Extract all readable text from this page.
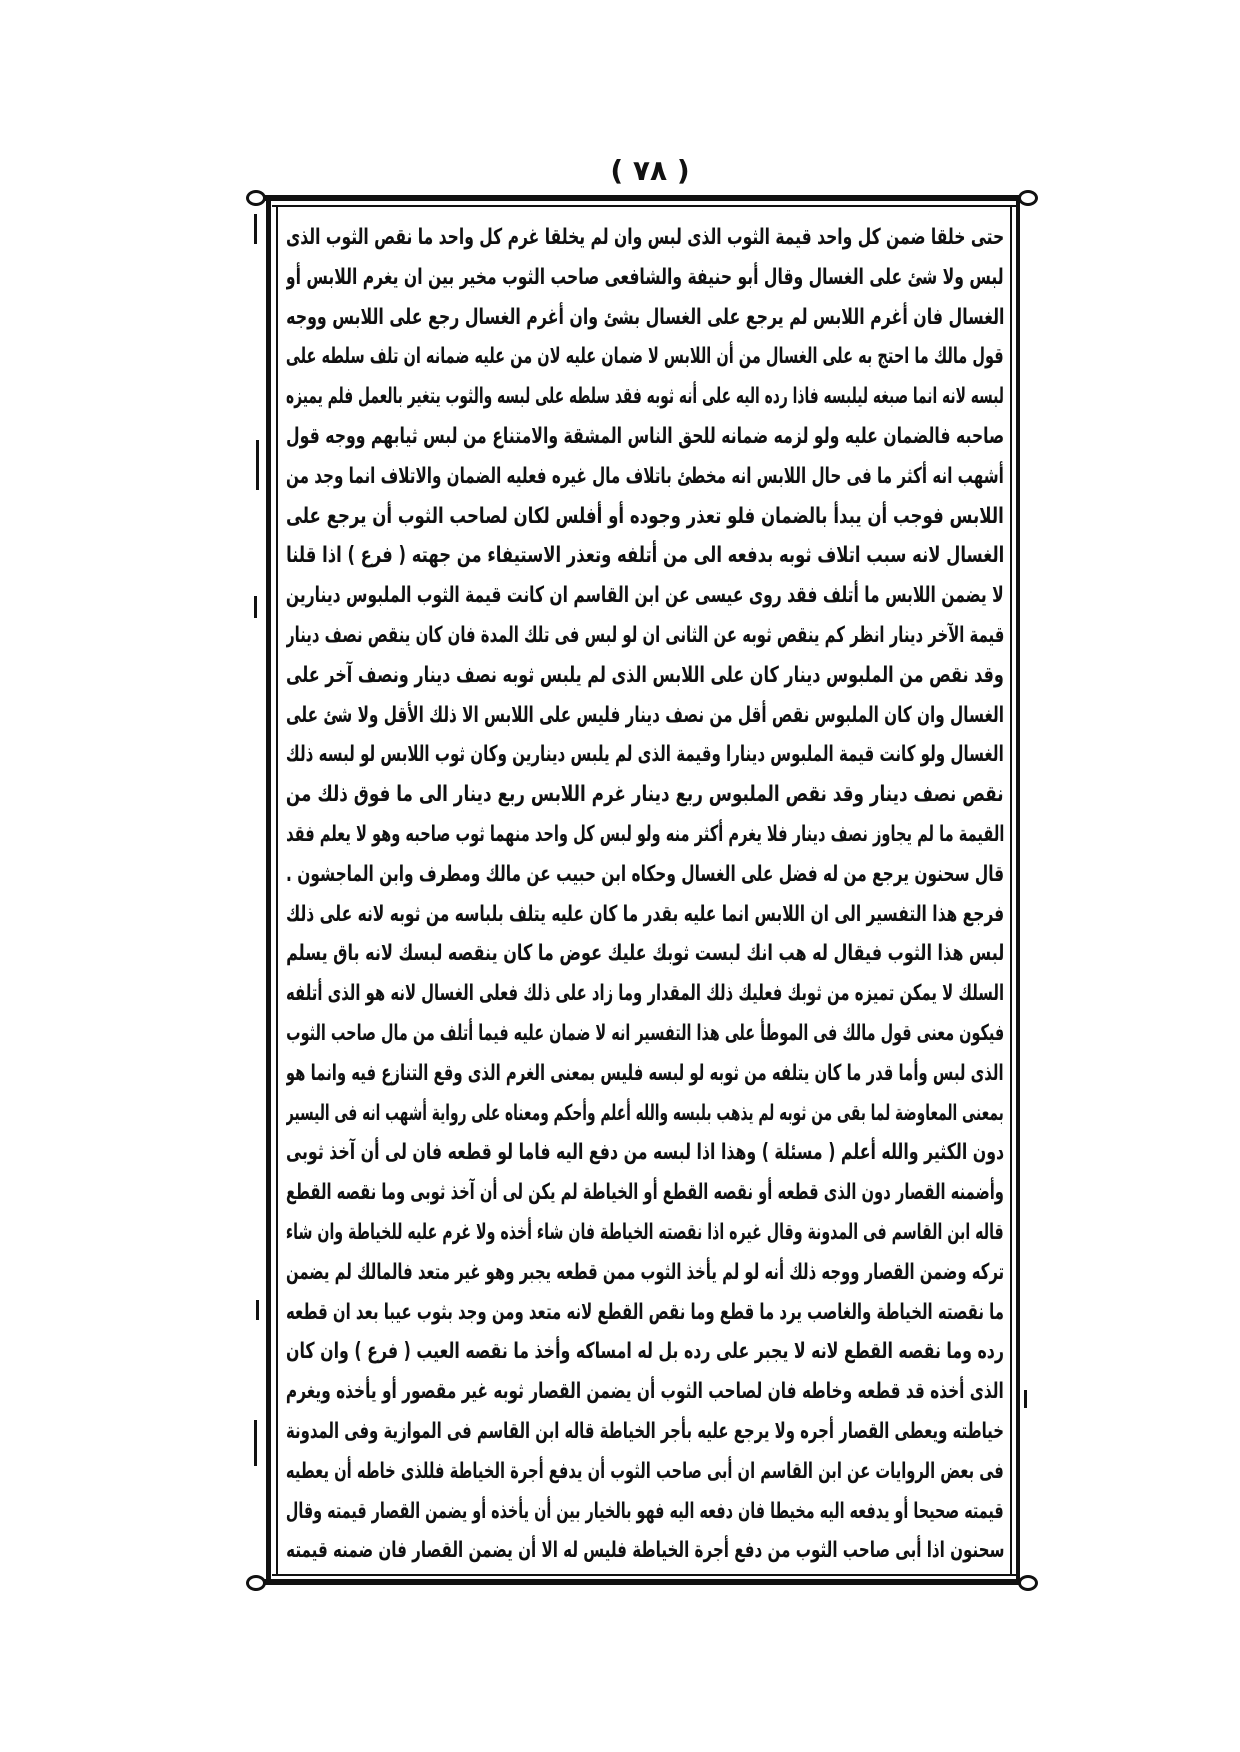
( ٧٨ )
حتى خلقا ضمن كل واحد قيمة الثوب الذى لبس وان لم يخلقا غرم كل واحد ما نقص الثوب الذى
لبس ولا شئ على الغسال وقال أبو حنيفة والشافعى صاحب الثوب مخير بين ان يغرم اللابس أو
الغسال فان أغرم اللابس لم يرجع على الغسال بشئ وان أغرم الغسال رجع على اللابس ووجه
قول مالك ما احتج به على الغسال من أن اللابس لا ضمان عليه لان من عليه ضمانه ان تلف سلطه على
لبسه لانه انما صبغه ليلبسه فاذا رده اليه على أنه ثوبه فقد سلطه على لبسه والثوب يتغير بالعمل فلم يميزه
صاحبه فالضمان عليه ولو لزمه ضمانه للحق الناس المشقة والامتناع من لبس ثيابهم ووجه قول
أشهب انه أكثر ما فى حال اللابس انه مخطئ باتلاف مال غيره فعليه الضمان والاتلاف انما وجد من
اللابس فوجب أن يبدأ بالضمان فلو تعذر وجوده أو أفلس لكان لصاحب الثوب أن يرجع على
الغسال لانه سبب اتلاف ثوبه بدفعه الى من أتلفه وتعذر الاستيفاء من جهته ( فرع ) اذا قلنا
لا يضمن اللابس ما أتلف فقد روى عيسى عن ابن القاسم ان كانت قيمة الثوب الملبوس دينارين
قيمة الآخر دينار انظر كم ينقص ثوبه عن الثانى ان لو لبس فى تلك المدة فان كان ينقص نصف دينار
وقد نقص من الملبوس دينار كان على اللابس الذى لم يلبس ثوبه نصف دينار ونصف آخر على
الغسال وان كان الملبوس نقص أقل من نصف دينار فليس على اللابس الا ذلك الأقل ولا شئ على
الغسال ولو كانت قيمة الملبوس دينارا وقيمة الذى لم يلبس دينارين وكان ثوب اللابس لو لبسه ذلك
نقص نصف دينار وقد نقص الملبوس ربع دينار غرم اللابس ربع دينار الى ما فوق ذلك من
القيمة ما لم يجاوز نصف دينار فلا يغرم أكثر منه ولو لبس كل واحد منهما ثوب صاحبه وهو لا يعلم فقد
قال سحنون يرجع من له فضل على الغسال وحكاه ابن حبيب عن مالك ومطرف وابن الماجشون .
فرجع هذا التفسير الى ان اللابس انما عليه بقدر ما كان عليه يتلف بلباسه من ثوبه لانه على ذلك
لبس هذا الثوب فيقال له هب انك لبست ثوبك عليك عوض ما كان ينقصه لبسك لانه باق يسلم
السلك لا يمكن تميزه من ثوبك فعليك ذلك المقدار وما زاد على ذلك فعلى الغسال لانه هو الذى أتلفه
فيكون معنى قول مالك فى الموطأ على هذا التفسير انه لا ضمان عليه فيما أتلف من مال صاحب الثوب
الذى لبس وأما قدر ما كان يتلفه من ثوبه لو لبسه فليس بمعنى الغرم الذى وقع التنازع فيه وانما هو
بمعنى المعاوضة لما بقى من ثوبه لم يذهب بلبسه والله أعلم وأحكم ومعناه على رواية أشهب انه فى اليسير
دون الكثير والله أعلم ( مسئلة ) وهذا اذا لبسه من دفع اليه فاما لو قطعه فان لى أن آخذ ثوبى
وأضمنه القصار دون الذى قطعه أو نقصه القطع أو الخياطة لم يكن لى أن آخذ ثوبى وما نقصه القطع
قاله ابن القاسم فى المدونة وقال غيره اذا نقصته الخياطة فان شاء أخذه ولا غرم عليه للخياطة وان شاء
تركه وضمن القصار ووجه ذلك أنه لو لم يأخذ الثوب ممن قطعه يجبر وهو غير متعد فالمالك لم يضمن
ما نقصته الخياطة والغاصب يرد ما قطع وما نقص القطع لانه متعد ومن وجد بثوب عيبا بعد ان قطعه
رده وما نقصه القطع لانه لا يجبر على رده بل له امساكه وأخذ ما نقصه العيب ( فرع ) وان كان
الذى أخذه قد قطعه وخاطه فان لصاحب الثوب أن يضمن القصار ثوبه غير مقصور أو يأخذه ويغرم
خياطته ويعطى القصار أجره ولا يرجع عليه بأجر الخياطة قاله ابن القاسم فى الموازية وفى المدونة
فى بعض الروايات عن ابن القاسم ان أبى صاحب الثوب أن يدفع أجرة الخياطة فللذى خاطه أن يعطيه
قيمته صحيحا أو يدفعه اليه مخيطا فان دفعه اليه فهو بالخيار بين أن يأخذه أو يضمن القصار قيمته وقال
سحنون اذا أبى صاحب الثوب من دفع أجرة الخياطة فليس له الا أن يضمن القصار فان ضمنه قيمته
